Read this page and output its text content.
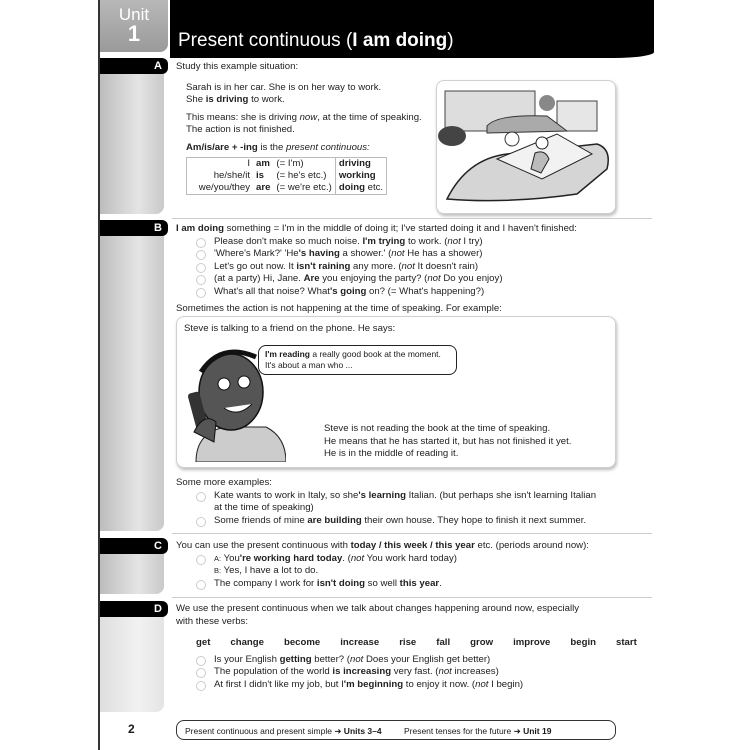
Unit
1
A
B
C
D
Present continuous (I am doing)
Study this example situation:
Sarah is in her car. She is on her way to work.
She is driving to work.
This means: she is driving now, at the time of speaking.
The action is not finished.
Am/is/are + -ing is the present continuous:
I	am	(= I'm)	driving
he/she/it	is	(= he's etc.)	working
we/you/they	are	(= we're etc.)	doing etc.
I am doing something = I'm in the middle of doing it; I've started doing it and I haven't finished:
Please don't make so much noise. I'm trying to work. (not I try)
'Where's Mark?' 'He's having a shower.' (not He has a shower)
Let's go out now. It isn't raining any more. (not It doesn't rain)
(at a party) Hi, Jane. Are you enjoying the party? (not Do you enjoy)
What's all that noise? What's going on? (= What's happening?)
Sometimes the action is not happening at the time of speaking. For example:
Steve is talking to a friend on the phone. He says:
I'm reading a really good book at the moment.
It's about a man who ...
Steve is not reading the book at the time of speaking.
He means that he has started it, but has not finished it yet.
He is in the middle of reading it.
Some more examples:
Kate wants to work in Italy, so she's learning Italian. (but perhaps she isn't learning Italian
at the time of speaking)
Some friends of mine are building their own house. They hope to finish it next summer.
You can use the present continuous with today / this week / this year etc. (periods around now):
A: You're working hard today. (not You work hard today)
B: Yes, I have a lot to do.
The company I work for isn't doing so well this year.
We use the present continuous when we talk about changes happening around now, especially
with these verbs:
get change become increase rise fall grow improve begin start
Is your English getting better? (not Does your English get better)
The population of the world is increasing very fast. (not increases)
At first I didn't like my job, but I'm beginning to enjoy it now. (not I begin)
2	Present continuous and present simple ➜ Units 3–4	Present tenses for the future ➜ Unit 19
